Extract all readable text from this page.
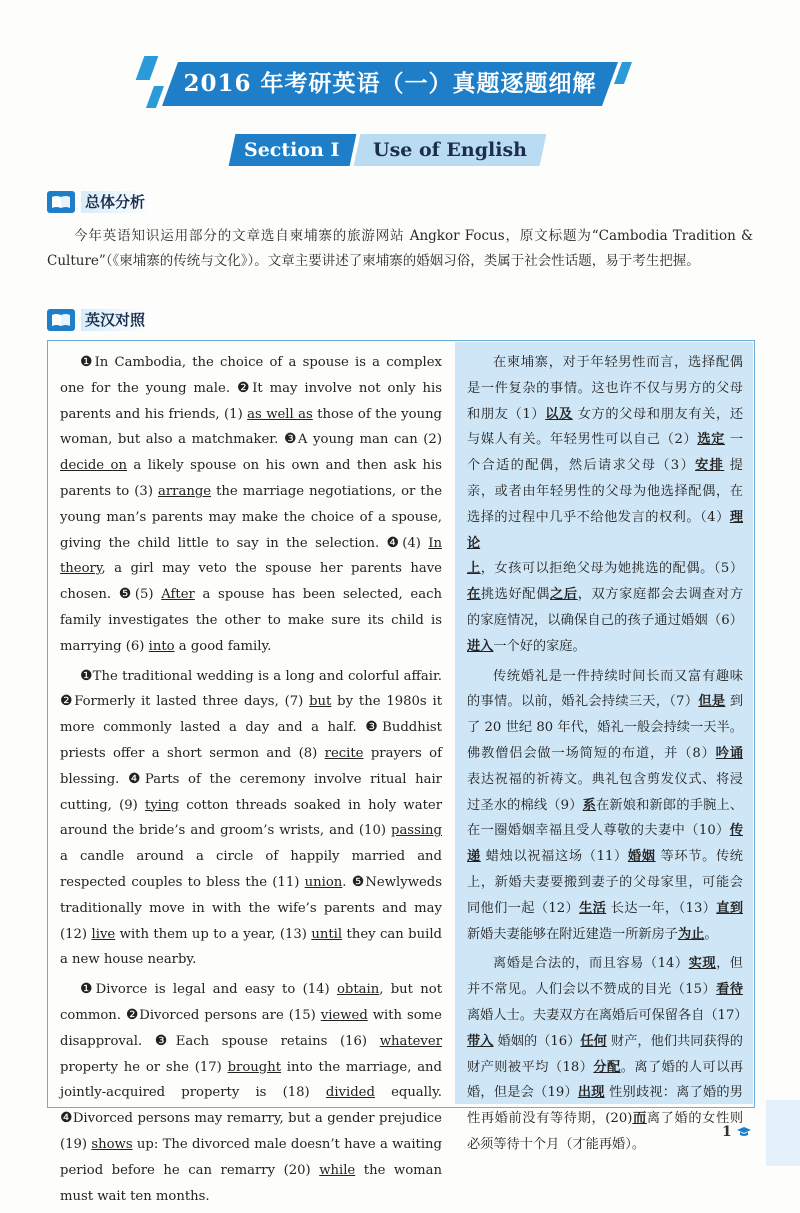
2016 年考研英语（一）真题逐题细解
Section Ⅰ	Use of English
总体分析
今年英语知识运用部分的文章选自柬埔寨的旅游网站 Angkor Focus，原文标题为“Cambodia Tradition & Culture”（《柬埔寨的传统与文化》）。文章主要讲述了柬埔寨的婚姻习俗，类属于社会性话题，易于考生把握。
英汉对照

❶In Cambodia, the choice of a spouse is a complex one for the young male. ❷It may involve not only his parents and his friends, (1) as well as those of the young woman, but also a matchmaker. ❸A young man can (2) decide on a likely spouse on his own and then ask his parents to (3) arrange the marriage negotiations, or the young man’s parents may make the choice of a spouse, giving the child little to say in the selection. ❹(4) In theory, a girl may veto the spouse her parents have chosen. ❺(5) After a spouse has been selected, each family investigates the other to make sure its child is marrying (6) into a good family.

❶The traditional wedding is a long and colorful affair. ❷Formerly it lasted three days, (7) but by the 1980s it more commonly lasted a day and a half. ❸Buddhist priests offer a short sermon and (8) recite prayers of blessing. ❹Parts of the ceremony involve ritual hair cutting, (9) tying cotton threads soaked in holy water around the bride’s and groom’s wrists, and (10) passing a candle around a circle of happily married and respected couples to bless the (11) union. ❺Newlyweds traditionally move in with the wife’s parents and may (12) live with them up to a year, (13) until they can build a new house nearby.

❶Divorce is legal and easy to (14) obtain, but not common. ❷Divorced persons are (15) viewed with some disapproval. ❸Each spouse retains (16) whatever property he or she (17) brought into the marriage, and jointly-acquired property is (18) divided equally. ❹Divorced persons may remarry, but a gender prejudice (19) shows up: The divorced male doesn’t have a waiting period before he can remarry (20) while the woman must wait ten months.

在柬埔寨，对于年轻男性而言，选择配偶是一件复杂的事情。这也许不仅与男方的父母和朋友（1）以及 女方的父母和朋友有关，还与媒人有关。年轻男性可以自己（2）选定 一个合适的配偶，然后请求父母（3）安排 提亲，或者由年轻男性的父母为他选择配偶，在选择的过程中几乎不给他发言的权利。（4）理论上，女孩可以拒绝父母为她挑选的配偶。（5）在挑选好配偶之后，双方家庭都会去调查对方的家庭情况，以确保自己的孩子通过婚姻（6）进入一个好的家庭。

传统婚礼是一件持续时间长而又富有趣味的事情。以前，婚礼会持续三天，（7）但是 到了 20 世纪 80 年代，婚礼一般会持续一天半。佛教僧侣会做一场简短的布道，并（8）吟诵 表达祝福的祈祷文。典礼包含剪发仪式、将浸过圣水的棉线（9）系在新娘和新郎的手腕上、在一圈婚姻幸福且受人尊敬的夫妻中（10）传递 蜡烛以祝福这场（11）婚姻 等环节。传统上，新婚夫妻要搬到妻子的父母家里，可能会同他们一起（12）生活 长达一年，（13）直到 新婚夫妻能够在附近建造一所新房子为止。

离婚是合法的，而且容易（14）实现，但并不常见。人们会以不赞成的目光（15）看待 离婚人士。夫妻双方在离婚后可保留各自（17）带入 婚姻的（16）任何 财产，他们共同获得的财产则被平均（18）分配。离了婚的人可以再婚，但是会（19）出现 性别歧视：离了婚的男性再婚前没有等待期，(20)而离了婚的女性则必须等待十个月（才能再婚）。

1
